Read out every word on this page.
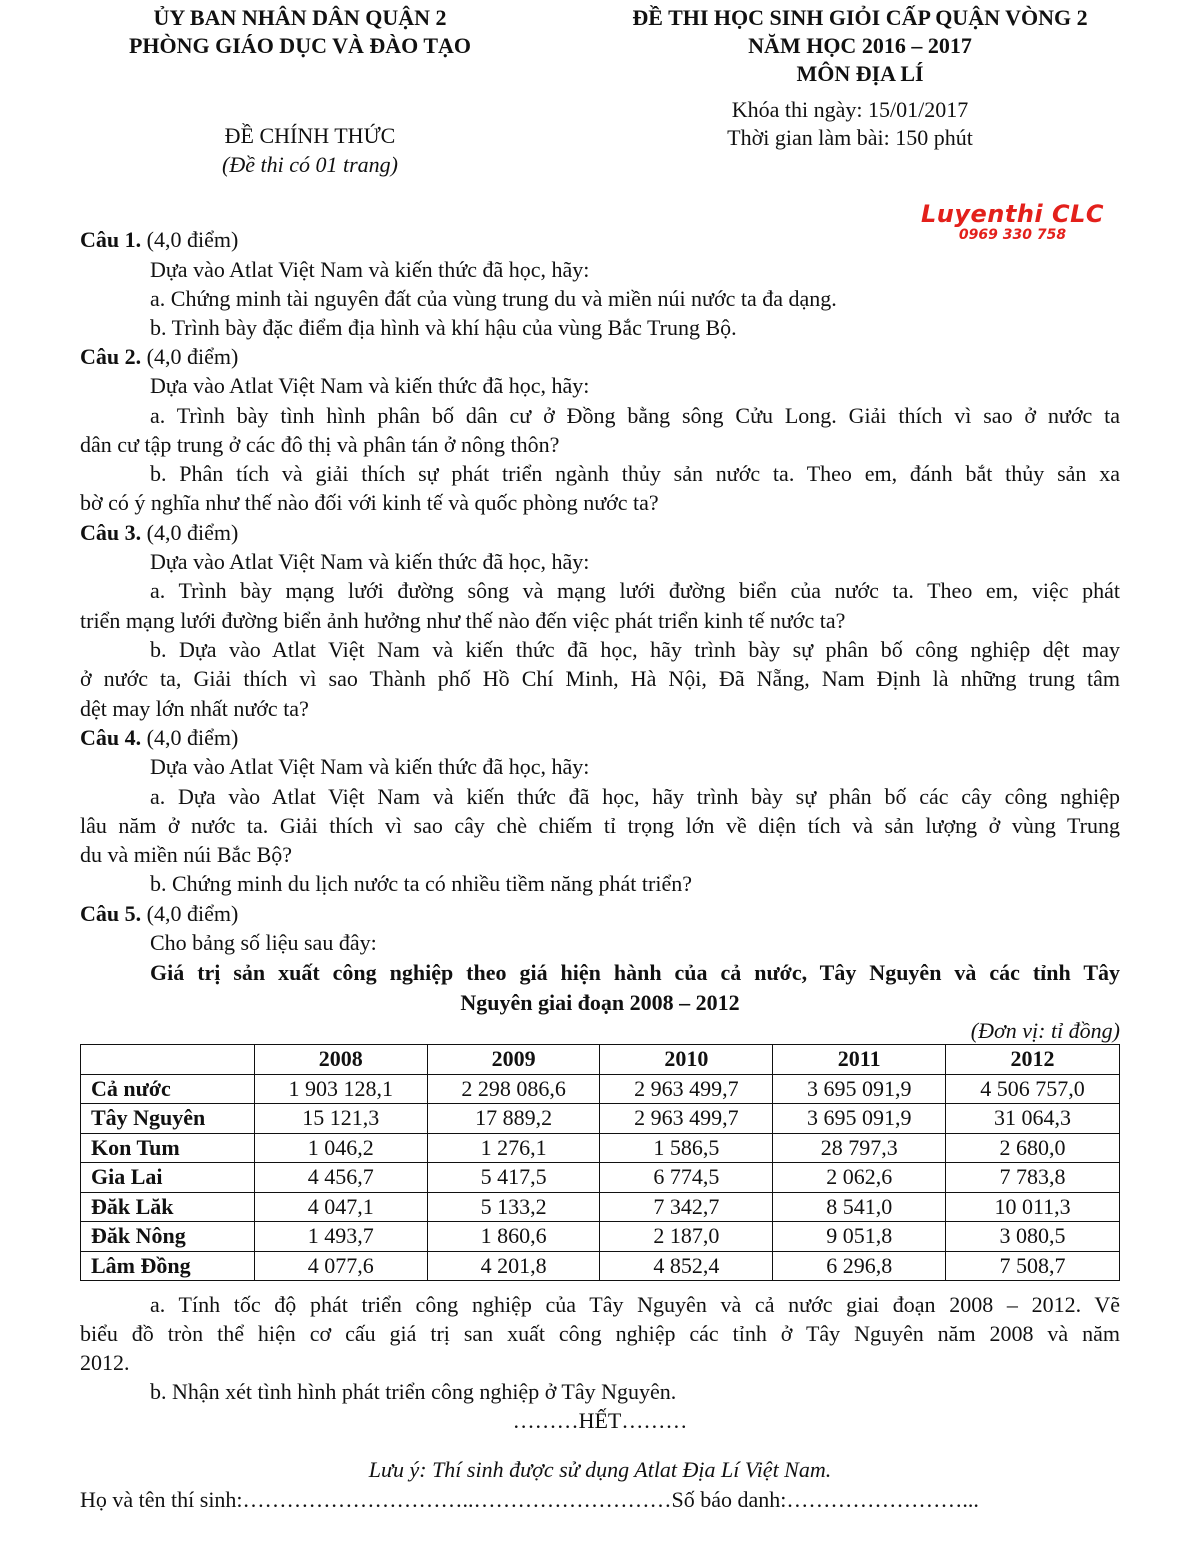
ỦY BAN NHÂN DÂN QUẬN 2
PHÒNG GIÁO DỤC VÀ ĐÀO TẠO
ĐỀ THI HỌC SINH GIỎI CẤP QUẬN VÒNG 2
NĂM HỌC 2016 – 2017
MÔN ĐỊA LÍ
ĐỀ CHÍNH THỨC
(Đề thi có 01 trang)
Khóa thi ngày: 15/01/2017
Thời gian làm bài: 150 phút
Luyenthi CLC
0969 330 758
Câu 1. (4,0 điểm)
Dựa vào Atlat Việt Nam và kiến thức đã học, hãy:
a. Chứng minh tài nguyên đất của vùng trung du và miền núi nước ta đa dạng.
b. Trình bày đặc điểm địa hình và khí hậu của vùng Bắc Trung Bộ.
Câu 2. (4,0 điểm)
Dựa vào Atlat Việt Nam và kiến thức đã học, hãy:
a. Trình bày tình hình phân bố dân cư ở Đồng bằng sông Cửu Long. Giải thích vì sao ở nước ta
dân cư tập trung ở các đô thị và phân tán ở nông thôn?
b. Phân tích và giải thích sự phát triển ngành thủy sản nước ta. Theo em, đánh bắt thủy sản xa
bờ có ý nghĩa như thế nào đối với kinh tế và quốc phòng nước ta?
Câu 3. (4,0 điểm)
Dựa vào Atlat Việt Nam và kiến thức đã học, hãy:
a. Trình bày mạng lưới đường sông và mạng lưới đường biển của nước ta. Theo em, việc phát
triển mạng lưới đường biển ảnh hưởng như thế nào đến việc phát triển kinh tế nước ta?
b. Dựa vào Atlat Việt Nam và kiến thức đã học, hãy trình bày sự phân bố công nghiệp dệt may
ở nước ta, Giải thích vì sao Thành phố Hồ Chí Minh, Hà Nội, Đã Nẵng, Nam Định là những trung tâm
dệt may lớn nhất nước ta?
Câu 4. (4,0 điểm)
Dựa vào Atlat Việt Nam và kiến thức đã học, hãy:
a. Dựa vào Atlat Việt Nam và kiến thức đã học, hãy trình bày sự phân bố các cây công nghiệp
lâu năm ở nước ta. Giải thích vì sao cây chè chiếm tỉ trọng lớn về diện tích và sản lượng ở vùng Trung
du và miền núi Bắc Bộ?
b. Chứng minh du lịch nước ta có nhiều tiềm năng phát triển?
Câu 5. (4,0 điểm)
Cho bảng số liệu sau đây:
Giá trị sản xuất công nghiệp theo giá hiện hành của cả nước, Tây Nguyên và các tỉnh Tây
Nguyên giai đoạn 2008 – 2012
(Đơn vị: tỉ đồng)
	2008	2009	2010	2011	2012
Cả nước	1 903 128,1	2 298 086,6	2 963 499,7	3 695 091,9	4 506 757,0
Tây Nguyên	15 121,3	17 889,2	2 963 499,7	3 695 091,9	31 064,3
Kon Tum	1 046,2	1 276,1	1 586,5	28 797,3	2 680,0
Gia Lai	4 456,7	5 417,5	6 774,5	2 062,6	7 783,8
Đăk Lăk	4 047,1	5 133,2	7 342,7	8 541,0	10 011,3
Đăk Nông	1 493,7	1 860,6	2 187,0	9 051,8	3 080,5
Lâm Đồng	4 077,6	4 201,8	4 852,4	6 296,8	7 508,7
a. Tính tốc độ phát triển công nghiệp của Tây Nguyên và cả nước giai đoạn 2008 – 2012. Vẽ
biểu đồ tròn thể hiện cơ cấu giá trị san xuất công nghiệp các tỉnh ở Tây Nguyên năm 2008 và năm
2012.
b. Nhận xét tình hình phát triển công nghiệp ở Tây Nguyên.
………HẾT………
Lưu ý: Thí sinh được sử dụng Atlat Địa Lí Việt Nam.
Họ và tên thí sinh:…………………………..………………………Số báo danh:……………………...
